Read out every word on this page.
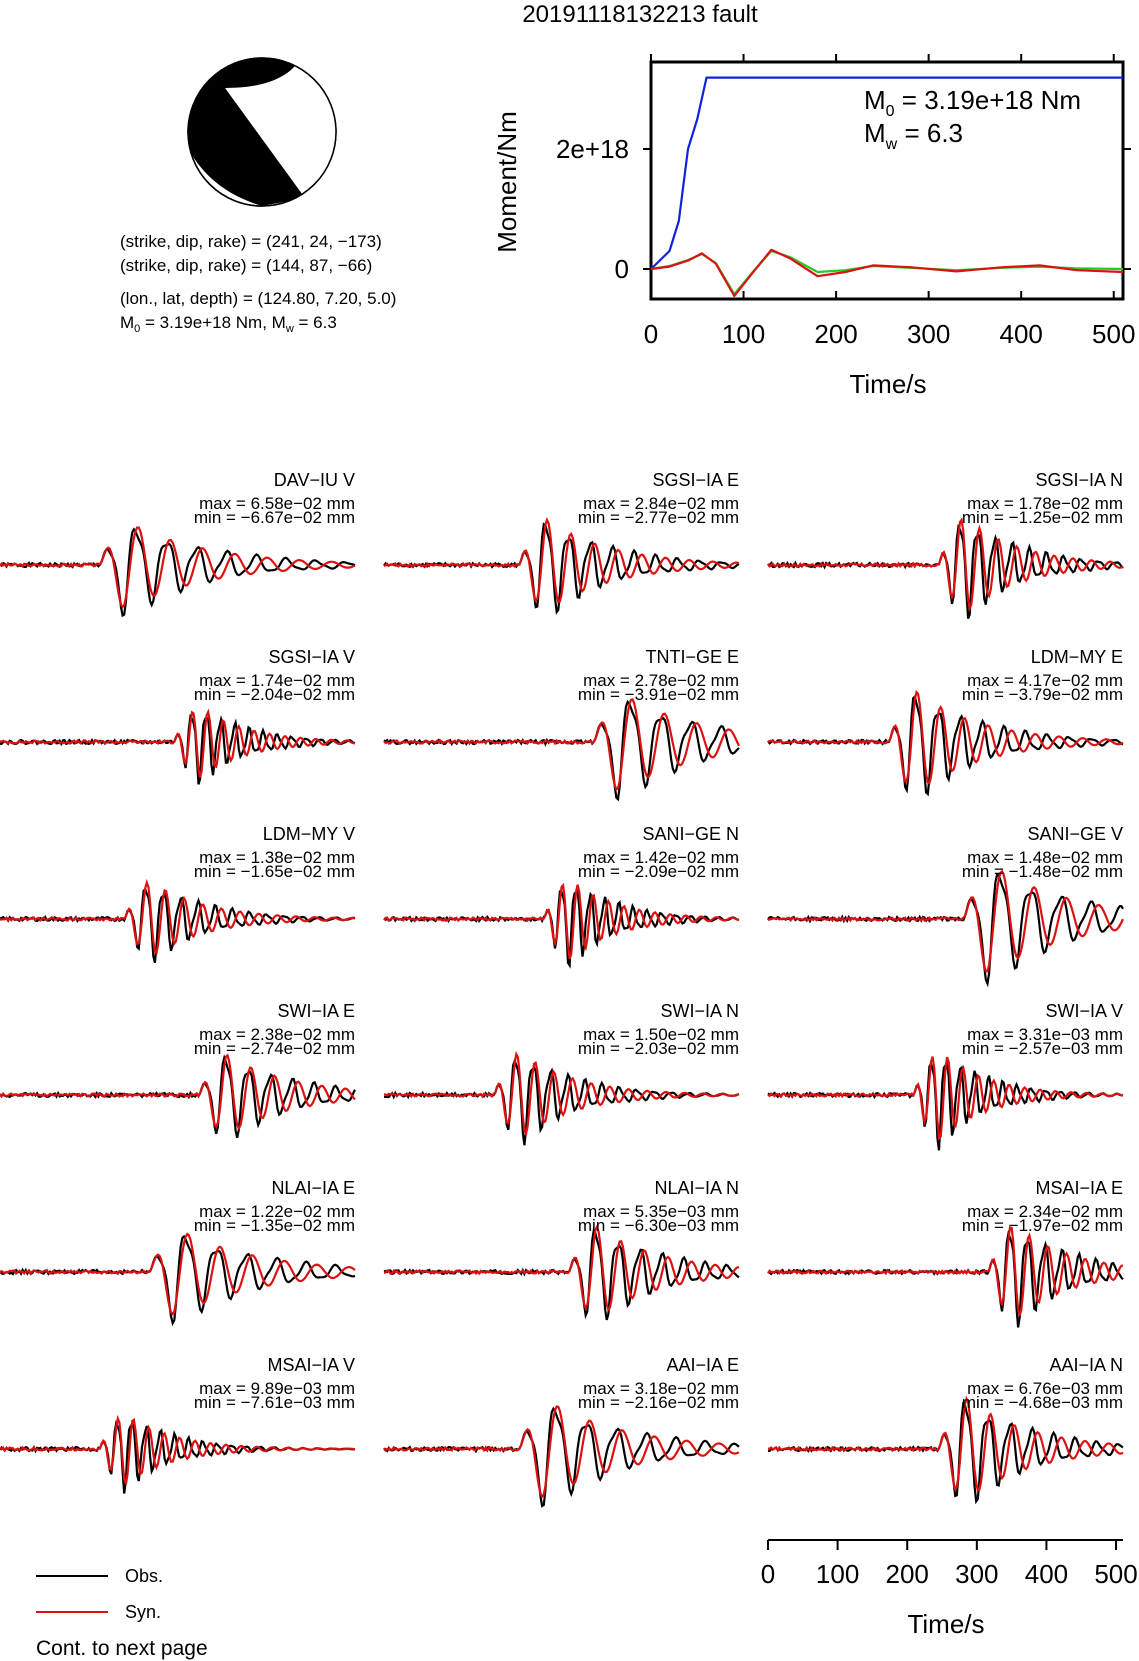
20191118132213 fault
(strike, dip, rake) = (241, 24, −173)
(strike, dip, rake) = (144, 87, −66)
(lon., lat, depth) = (124.80, 7.20, 5.0)
$M_0 = 3.19e+18$ Nm, $M_w = 6.3$	0 100 200 300 400 500
0
2e+18
Time/s
Moment/Nm
$M_0 = 3.19e+18$ Nm
$M_w = 6.3$
DAV−IU V
max = 6.58e−02 mm
min = −6.67e−02 mm
SGSI−IA E
max = 2.84e−02 mm
min = −2.77e−02 mm
SGSI−IA N
max = 1.78e−02 mm
min = −1.25e−02 mm
SGSI−IA V
max = 1.74e−02 mm
min = −2.04e−02 mm
TNTI−GE E
max = 2.78e−02 mm
min = −3.91e−02 mm
LDM−MY E
max = 4.17e−02 mm
min = −3.79e−02 mm
LDM−MY V
max = 1.38e−02 mm
min = −1.65e−02 mm
SANI−GE N
max = 1.42e−02 mm
min = −2.09e−02 mm
SANI−GE V
max = 1.48e−02 mm
min = −1.48e−02 mm
SWI−IA E
max = 2.38e−02 mm
min = −2.74e−02 mm
SWI−IA N
max = 1.50e−02 mm
min = −2.03e−02 mm
SWI−IA V
max = 3.31e−03 mm
min = −2.57e−03 mm
NLAI−IA E
max = 1.22e−02 mm
min = −1.35e−02 mm
NLAI−IA N
max = 5.35e−03 mm
min = −6.30e−03 mm
MSAI−IA E
max = 2.34e−02 mm
min = −1.97e−02 mm
MSAI−IA V
max = 9.89e−03 mm
min = −7.61e−03 mm
AAI−IA E
max = 3.18e−02 mm
min = −2.16e−02 mm
AAI−IA N
max = 6.76e−03 mm
min = −4.68e−03 mm
Time/s
0 100 200 300 400 500
Obs.
Syn.
Cont. to next page
